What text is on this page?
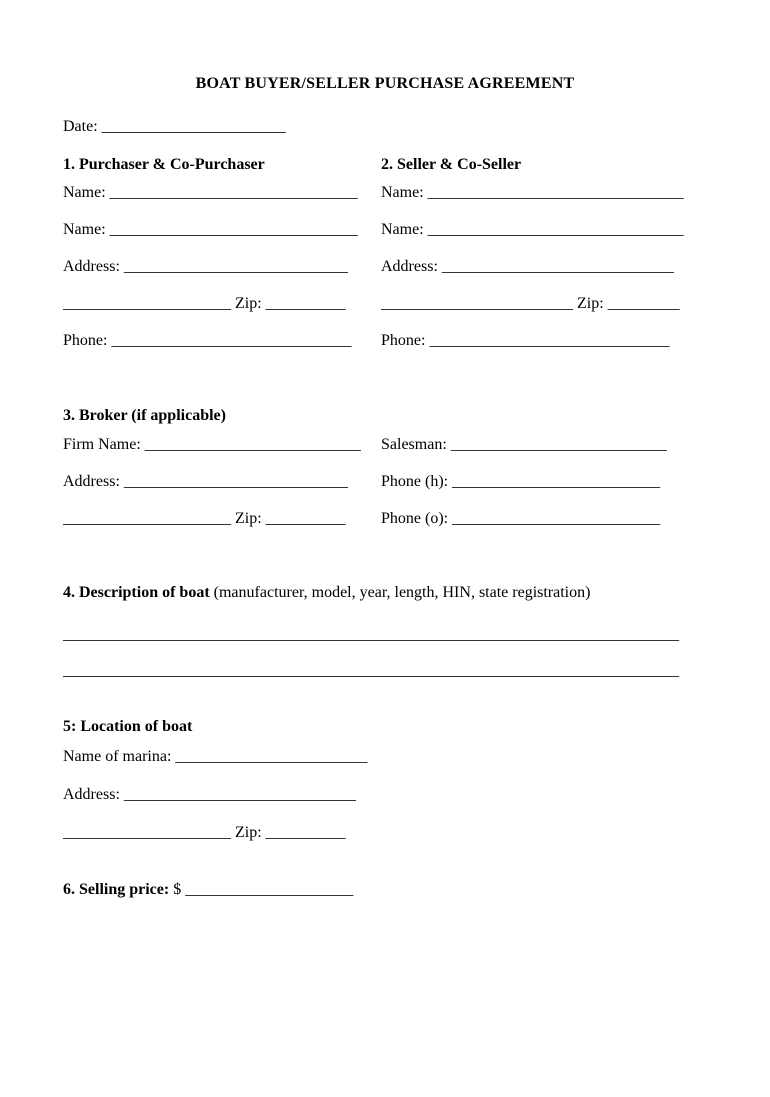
BOAT BUYER/SELLER PURCHASE AGREEMENT
Date: _______________________
1. Purchaser & Co-Purchaser
Name: _______________________________
Name: _______________________________
Address: ____________________________
_____________________ Zip: __________
Phone: ______________________________
2. Seller & Co-Seller
Name: ________________________________
Name: ________________________________
Address: _____________________________
________________________ Zip: _________
Phone: ______________________________
3. Broker (if applicable)
Firm Name: ___________________________
Address: ____________________________
_____________________ Zip: __________
Salesman: ___________________________
Phone (h): __________________________
Phone (o): __________________________
4. Description of boat (manufacturer, model, year, length, HIN, state registration)
_____________________________________________________________________________
_____________________________________________________________________________
5: Location of boat
Name of marina: ________________________
Address: _____________________________
_____________________ Zip: __________
6. Selling price: $ _____________________
